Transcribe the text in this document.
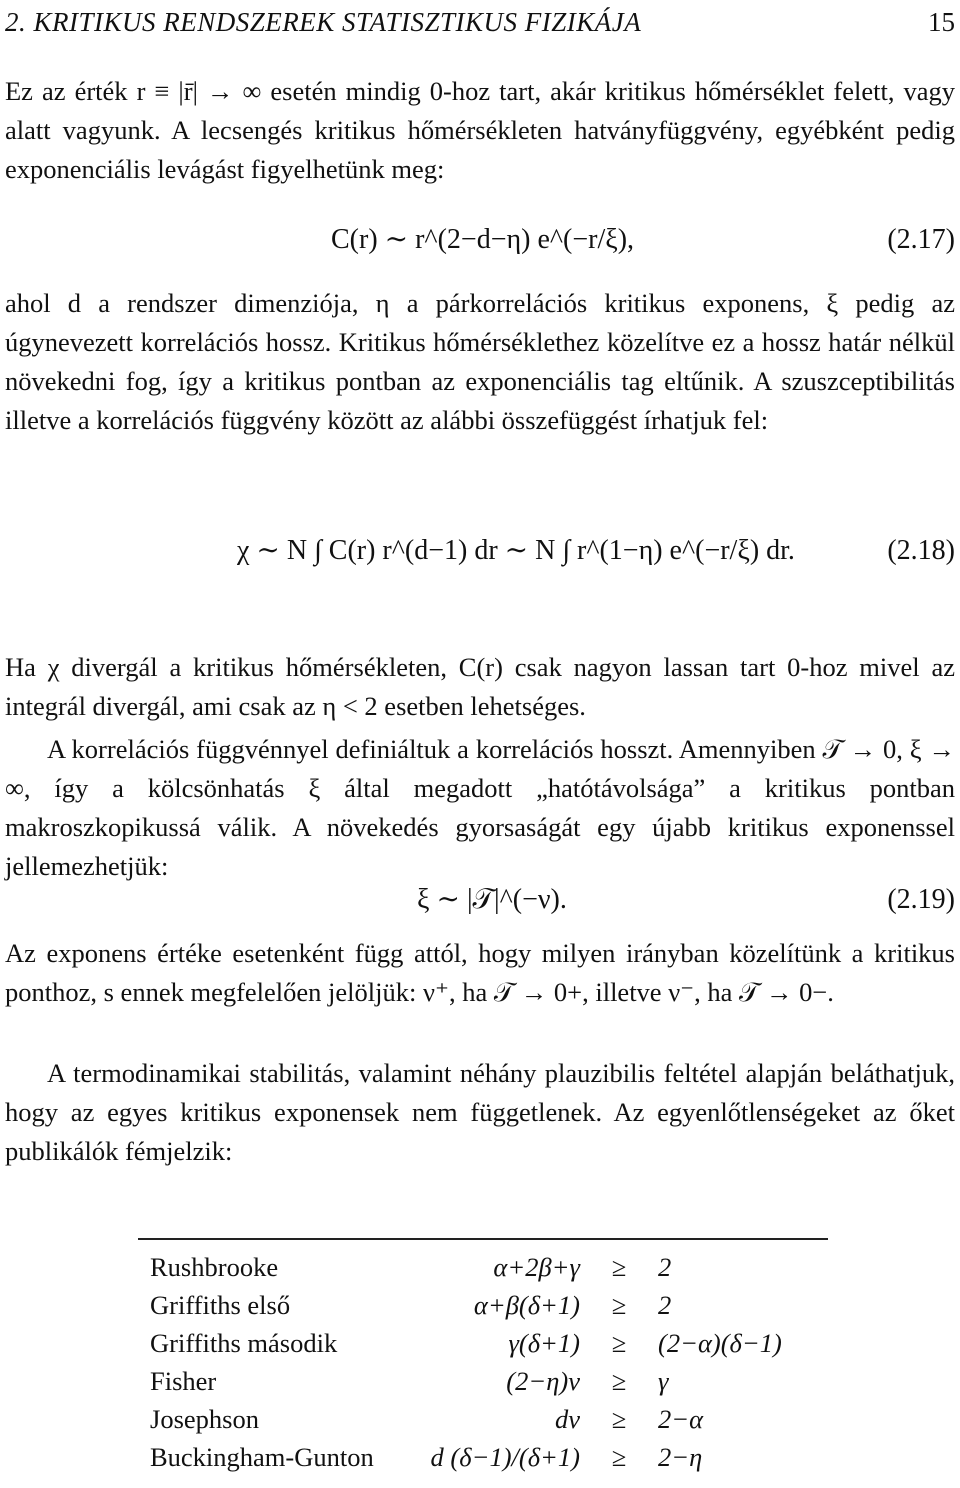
2. KRITIKUS RENDSZEREK STATISZTIKUS FIZIKÁJA	15
Ez az érték r ≡ |r̄| → ∞ esetén mindig 0-hoz tart, akár kritikus hőmérséklet felett, vagy alatt vagyunk. A lecsengés kritikus hőmérsékleten hatványfüggvény, egyébként pedig exponenciális levágást figyelhetünk meg:
C(r) ∼ r^(2−d−η) e^(−r/ξ),	(2.17)
ahol d a rendszer dimenziója, η a párkorrelációs kritikus exponens, ξ pedig az úgynevezett korrelációs hossz. Kritikus hőmérséklethez közelítve ez a hossz határ nélkül növekedni fog, így a kritikus pontban az exponenciális tag eltűnik. A szuszceptibilitás illetve a korrelációs függvény között az alábbi összefüggést írhatjuk fel:
χ ∼ N ∫ C(r) r^(d−1) dr ∼ N ∫ r^(1−η) e^(−r/ξ) dr.	(2.18)
Ha χ divergál a kritikus hőmérsékleten, C(r) csak nagyon lassan tart 0-hoz mivel az integrál divergál, ami csak az η < 2 esetben lehetséges.
A korrelációs függvénnyel definiáltuk a korrelációs hosszt. Amennyiben 𝒯 → 0, ξ → ∞, így a kölcsönhatás ξ által megadott „hatótávolsága” a kritikus pontban makroszkopikussá válik. A növekedés gyorsaságát egy újabb kritikus exponenssel jellemezhetjük:
ξ ∼ |𝒯|^(−ν).	(2.19)
Az exponens értéke esetenként függ attól, hogy milyen irányban közelítünk a kritikus ponthoz, s ennek megfelelően jelöljük: ν⁺, ha 𝒯 → 0+, illetve ν⁻, ha 𝒯 → 0−.
A termodinamikai stabilitás, valamint néhány plauzibilis feltétel alapján beláthatjuk, hogy az egyes kritikus exponensek nem függetlenek. Az egyenlőtlenségeket az őket publikálók fémjelzik:
Rushbrooke	α+2β+γ	≥	2
Griffiths első	α+β(δ+1)	≥	2
Griffiths második	γ(δ+1)	≥	(2−α)(δ−1)
Fisher	(2−η)ν	≥	γ
Josephson	dν	≥	2−α
Buckingham-Gunton	d (δ−1)/(δ+1)	≥	2−η
